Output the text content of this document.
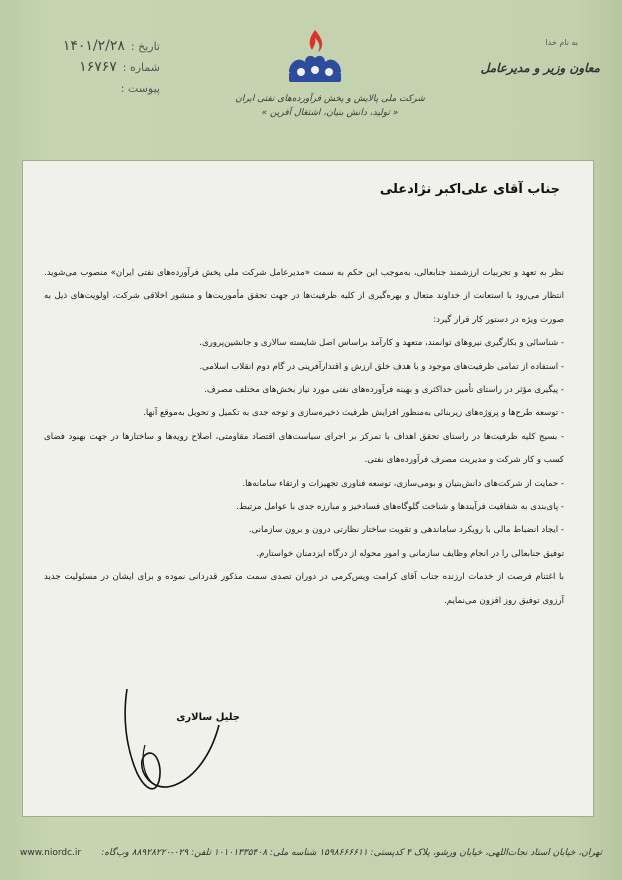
تاریخ :
۱۴۰۱/۲/۲۸
شماره :
۱۶۷۶۷
پیوست :
شرکت ملی پالایش و پخش فرآورده‌های نفتی ایران
« تولید، دانش بنیان، اشتغال آفرین »
به نام خدا
معاون وزیر و مدیرعامل
جناب آقای علی‌اکبر نژادعلی

نظر به تعهد و تجربیات ارزشمند جنابعالی، به‌موجب این حکم به سمت «مدیرعامل شرکت ملی پخش فرآورده‌های نفتی ایران» منصوب می‌شوید. انتظار می‌رود با استعانت از خداوند متعال و بهره‌گیری از کلیه ظرفیت‌ها در جهت تحقق مأموریت‌ها و منشور اخلاقی شرکت، اولویت‌های ذیل به صورت ویژه در دستور کار قرار گیرد:

- شناسائی و بکارگیری نیروهای توانمند، متعهد و کارآمد براساس اصل شایسته سالاری و جانشین‌پروری.

- استفاده از تمامی ظرفیت‌های موجود و با هدف خلق ارزش و اقتدارآفرینی در گام دوم انقلاب اسلامی.

- پیگیری مؤثر در راستای تأمین حداکثری و بهینه فرآورده‌های نفتی مورد نیاز بخش‌های مختلف مصرف.

- توسعه طرح‌ها و پروژه‌های زیربنائی به‌منظور افزایش ظرفیت ذخیره‌سازی و توجه جدی به تکمیل و تحویل به‌موقع آنها.

- بسیج کلیه ظرفیت‌ها در راستای تحقق اهداف با تمرکز بر اجرای سیاست‌های اقتصاد مقاومتی، اصلاح رویه‌ها و ساختارها در جهت بهبود فضای کسب و کار شرکت و مدیریت مصرف فرآورده‌های نفتی.

- حمایت از شرکت‌های دانش‌بنیان و بومی‌سازی، توسعه فناوری تجهیزات و ارتقاء سامانه‌ها.

- پای‌بندی به شفافیت فرآیندها و شناخت گلوگاه‌های فسادخیز و مبارزه جدی با عوامل مرتبط.

- ایجاد انضباط مالی با رویکرد ساماندهی و تقویت ساختار نظارتی درون و برون سازمانی.

توفیق جنابعالی را در انجام وظایف سازمانی و امور محوله از درگاه ایزدمنان خواستارم.

با اغتنام فرصت از خدمات ارزنده جناب آقای کرامت ویس‌کرمی در دوران تصدی سمت مذکور قدردانی نموده و برای ایشان در مسئولیت جدید آرزوی توفیق روز افزون می‌نمایم.

جلیل سالاری
www.niordc.ir تهران، خیابان استاد نجات‌اللهی، خیابان ورشو، پلاک ۴ کدپستی: ۱۵۹۸۶۶۶۶۱۱ شناسه ملی: ۱۰۱۰۱۳۳۵۴۰۸ تلفن: ۰۲۹-۸۸۹۲۸۲۲۰ وب‌گاه:
